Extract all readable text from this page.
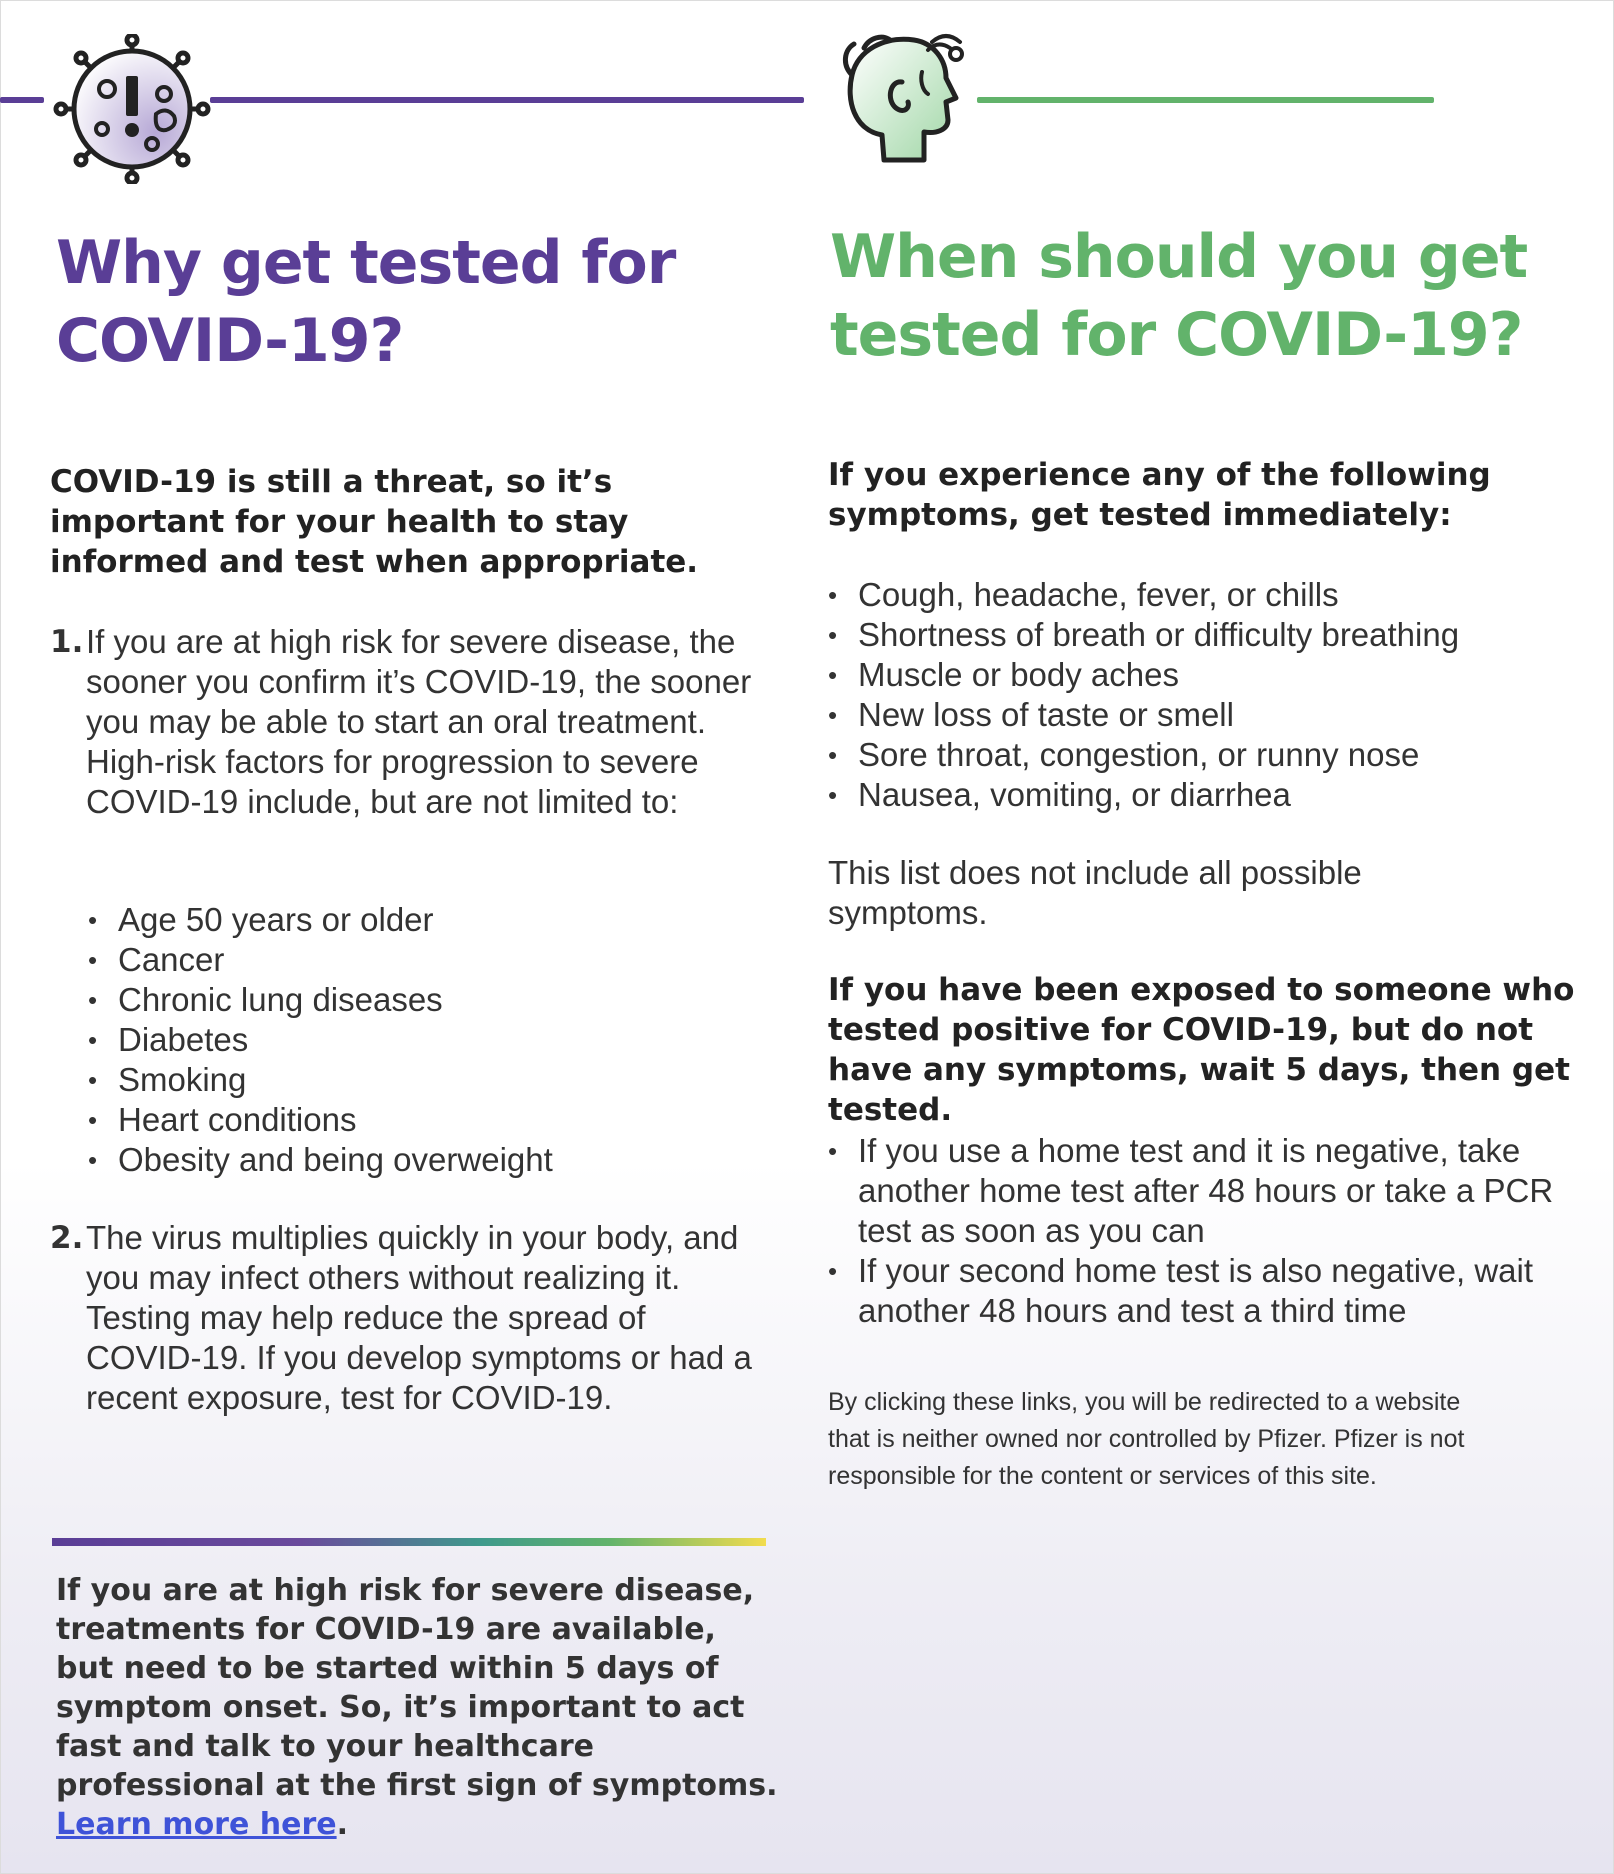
Why get tested for COVID-19?

COVID-19 is still a threat, so it’s important for your health to stay informed and test when appropriate.

1. If you are at high risk for severe disease, the sooner you confirm it’s COVID-19, the sooner you may be able to start an oral treatment. High-risk factors for progression to severe COVID-19 include, but are not limited to:
• Age 50 years or older
• Cancer
• Chronic lung diseases
• Diabetes
• Smoking
• Heart conditions
• Obesity and being overweight
2. The virus multiplies quickly in your body, and you may infect others without realizing it. Testing may help reduce the spread of COVID-19. If you develop symptoms or had a recent exposure, test for COVID-19.

If you are at high risk for severe disease, treatments for COVID-19 are available, but need to be started within 5 days of symptom onset. So, it’s important to act fast and talk to your healthcare professional at the first sign of symptoms. Learn more here.

When should you get tested for COVID-19?

If you experience any of the following symptoms, get tested immediately:

• Cough, headache, fever, or chills
• Shortness of breath or difficulty breathing
• Muscle or body aches
• New loss of taste or smell
• Sore throat, congestion, or runny nose
• Nausea, vomiting, or diarrhea

This list does not include all possible symptoms.

If you have been exposed to someone who tested positive for COVID-19, but do not have any symptoms, wait 5 days, then get tested.

• If you use a home test and it is negative, take another home test after 48 hours or take a PCR test as soon as you can
• If your second home test is also negative, wait another 48 hours and test a third time

By clicking these links, you will be redirected to a website that is neither owned nor controlled by Pfizer. Pfizer is not responsible for the content or services of this site.
